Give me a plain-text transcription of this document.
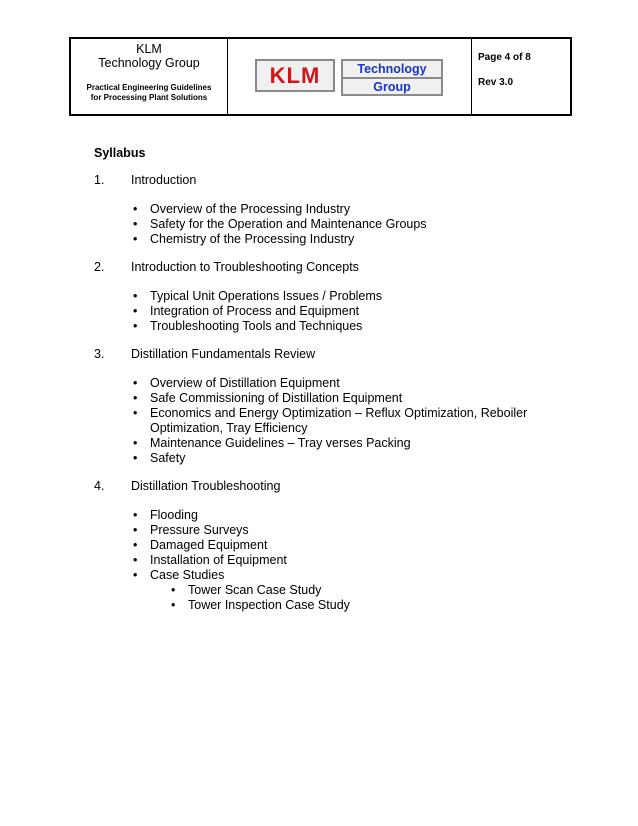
KLM
Technology Group
Practical Engineering Guidelines
for Processing Plant Solutions
KLM	Technology
Group
Page 4 of 8
Rev 3.0
Syllabus
1.	Introduction
• Overview of the Processing Industry
• Safety for the Operation and Maintenance Groups
• Chemistry of the Processing Industry
2.	Introduction to Troubleshooting Concepts
• Typical Unit Operations Issues / Problems
• Integration of Process and Equipment
• Troubleshooting Tools and Techniques
3.	Distillation Fundamentals Review
• Overview of Distillation Equipment
• Safe Commissioning of Distillation Equipment
• Economics and Energy Optimization – Reflux Optimization, Reboiler Optimization, Tray Efficiency
• Maintenance Guidelines – Tray verses Packing
• Safety
4.	Distillation Troubleshooting
• Flooding
• Pressure Surveys
• Damaged Equipment
• Installation of Equipment
• Case Studies
• Tower Scan Case Study
• Tower Inspection Case Study
